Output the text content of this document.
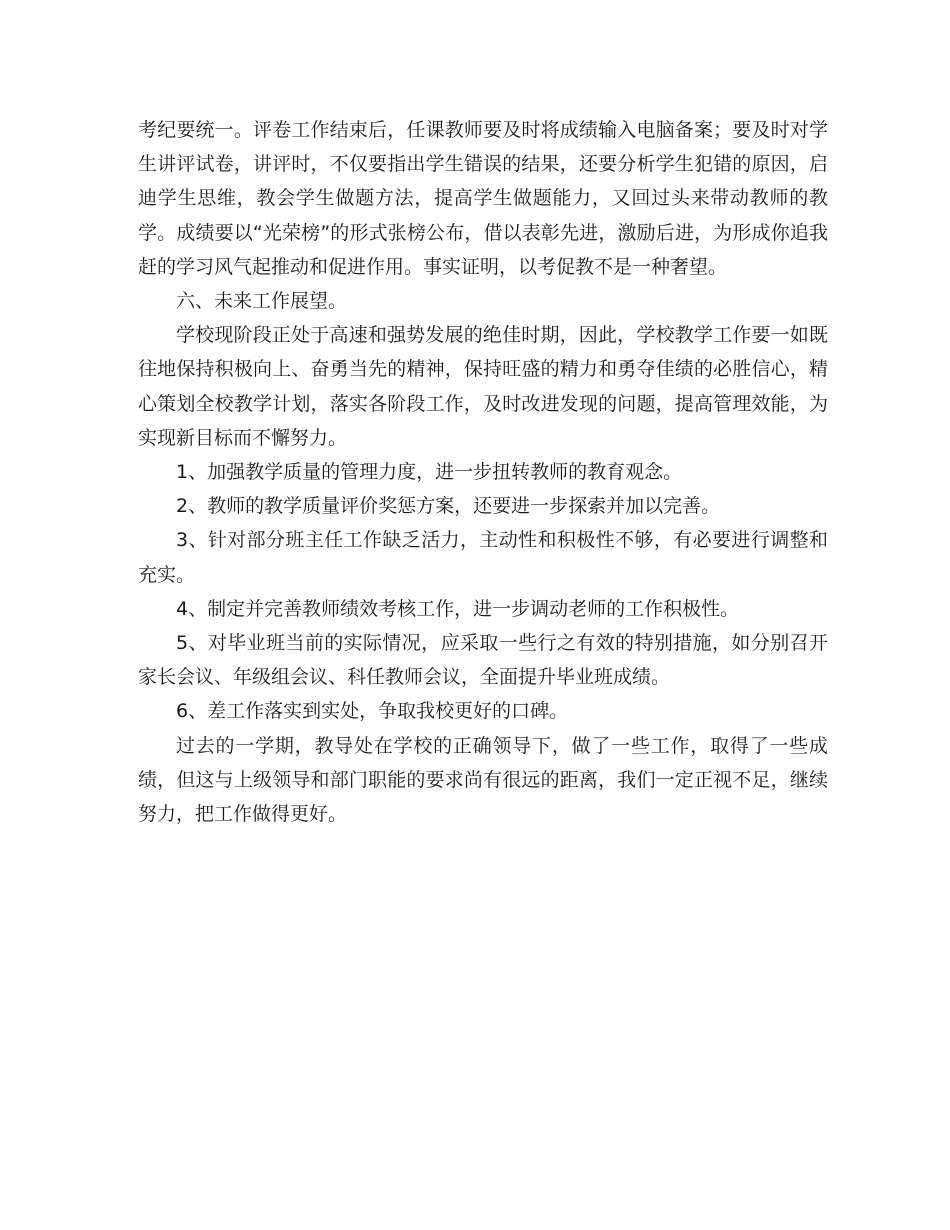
考纪要统一。评卷工作结束后，任课教师要及时将成绩输入电脑备案；要及时对学生讲评试卷，讲评时，不仅要指出学生错误的结果，还要分析学生犯错的原因，启迪学生思维，教会学生做题方法，提高学生做题能力，又回过头来带动教师的教学。成绩要以“光荣榜”的形式张榜公布，借以表彰先进，激励后进，为形成你追我赶的学习风气起推动和促进作用。事实证明，以考促教不是一种奢望。

六、未来工作展望。

学校现阶段正处于高速和强势发展的绝佳时期，因此，学校教学工作要一如既往地保持积极向上、奋勇当先的精神，保持旺盛的精力和勇夺佳绩的必胜信心，精心策划全校教学计划，落实各阶段工作，及时改进发现的问题，提高管理效能，为实现新目标而不懈努力。

1、加强教学质量的管理力度，进一步扭转教师的教育观念。

2、教师的教学质量评价奖惩方案，还要进一步探索并加以完善。

3、针对部分班主任工作缺乏活力，主动性和积极性不够，有必要进行调整和充实。

4、制定并完善教师绩效考核工作，进一步调动老师的工作积极性。

5、对毕业班当前的实际情况，应采取一些行之有效的特别措施，如分别召开家长会议、年级组会议、科任教师会议，全面提升毕业班成绩。

6、差工作落实到实处，争取我校更好的口碑。

过去的一学期，教导处在学校的正确领导下，做了一些工作，取得了一些成绩，但这与上级领导和部门职能的要求尚有很远的距离，我们一定正视不足，继续努力，把工作做得更好。
